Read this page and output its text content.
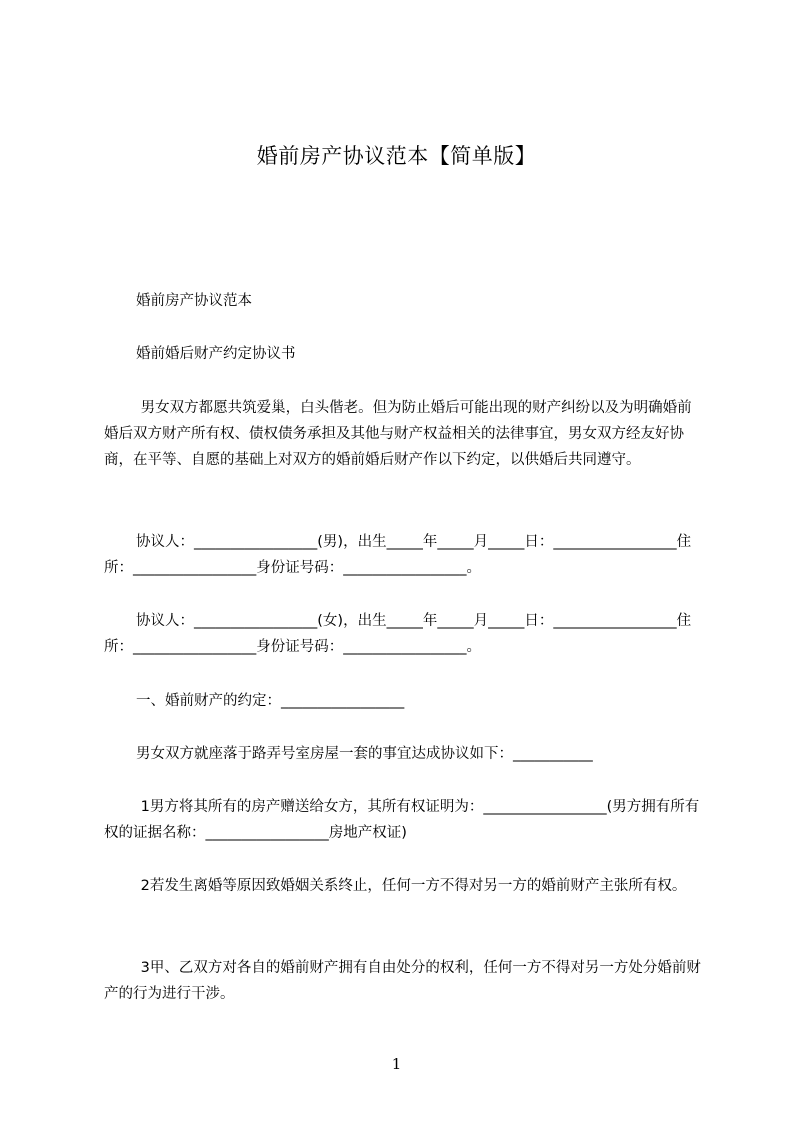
婚前房产协议范本【简单版】

婚前房产协议范本

婚前婚后财产约定协议书

男女双方都愿共筑爱巢，白头偕老。但为防止婚后可能出现的财产纠纷以及为明确婚前婚后双方财产所有权、债权债务承担及其他与财产权益相关的法律事宜，男女双方经友好协商，在平等、自愿的基础上对双方的婚前婚后财产作以下约定，以供婚后共同遵守。

协议人：_________________(男)，出生_____年_____月_____日：_________________住所：_________________身份证号码：_________________。

协议人：_________________(女)，出生_____年_____月_____日：_________________住所：_________________身份证号码：_________________。

一、婚前财产的约定：_________________

男女双方就座落于路弄号室房屋一套的事宜达成协议如下：___________

1男方将其所有的房产赠送给女方，其所有权证明为：_________________(男方拥有所有权的证据名称：_________________房地产权证)

2若发生离婚等原因致婚姻关系终止，任何一方不得对另一方的婚前财产主张所有权。

3甲、乙双方对各自的婚前财产拥有自由处分的权利，任何一方不得对另一方处分婚前财产的行为进行干涉。

1
